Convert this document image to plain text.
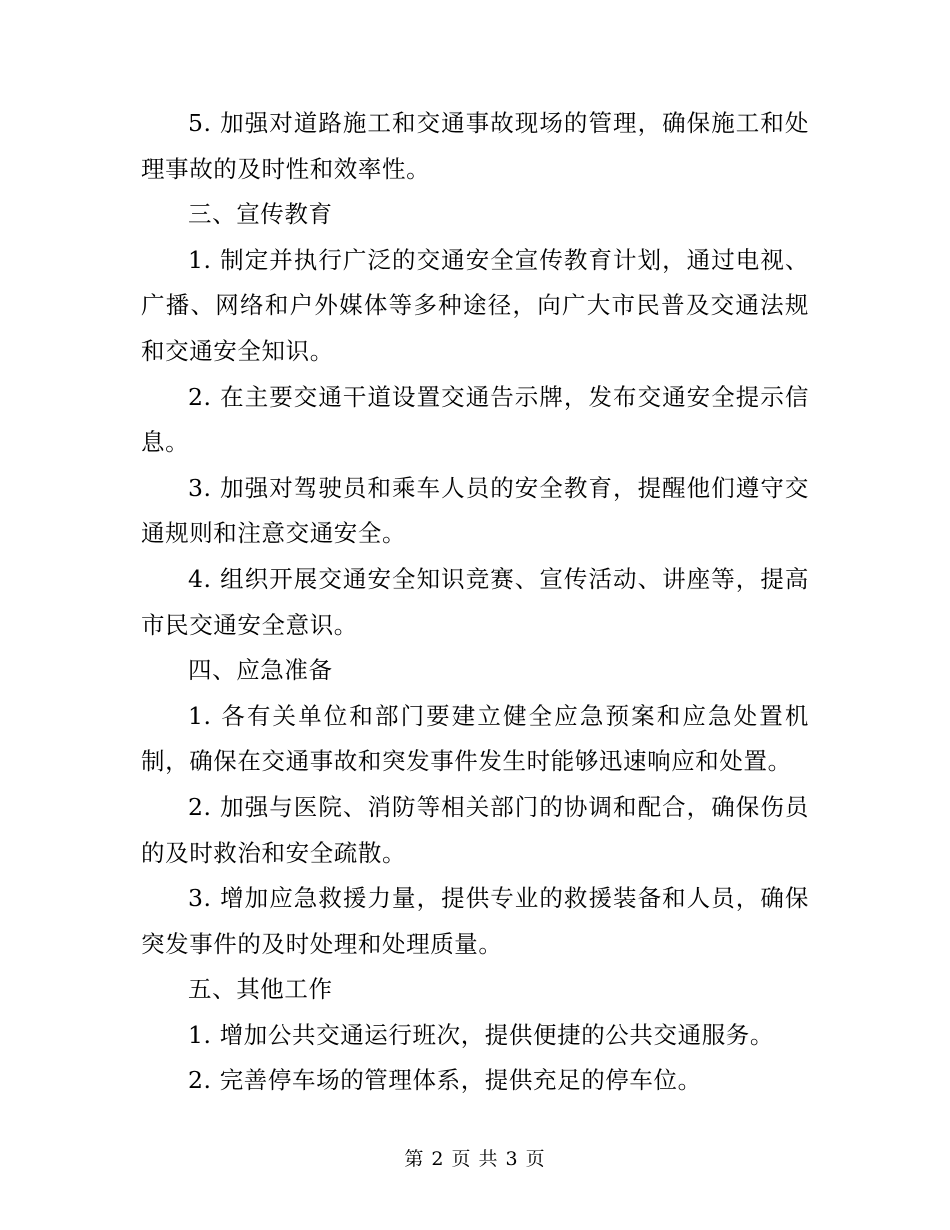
5. 加强对道路施工和交通事故现场的管理，确保施工和处理事故的及时性和效率性。

三、宣传教育

1. 制定并执行广泛的交通安全宣传教育计划，通过电视、广播、网络和户外媒体等多种途径，向广大市民普及交通法规和交通安全知识。

2. 在主要交通干道设置交通告示牌，发布交通安全提示信息。

3. 加强对驾驶员和乘车人员的安全教育，提醒他们遵守交通规则和注意交通安全。

4. 组织开展交通安全知识竞赛、宣传活动、讲座等，提高市民交通安全意识。

四、应急准备

1. 各有关单位和部门要建立健全应急预案和应急处置机制，确保在交通事故和突发事件发生时能够迅速响应和处置。

2. 加强与医院、消防等相关部门的协调和配合，确保伤员的及时救治和安全疏散。

3. 增加应急救援力量，提供专业的救援装备和人员，确保突发事件的及时处理和处理质量。

五、其他工作

1. 增加公共交通运行班次，提供便捷的公共交通服务。

2. 完善停车场的管理体系，提供充足的停车位。

第 2 页 共 3 页
